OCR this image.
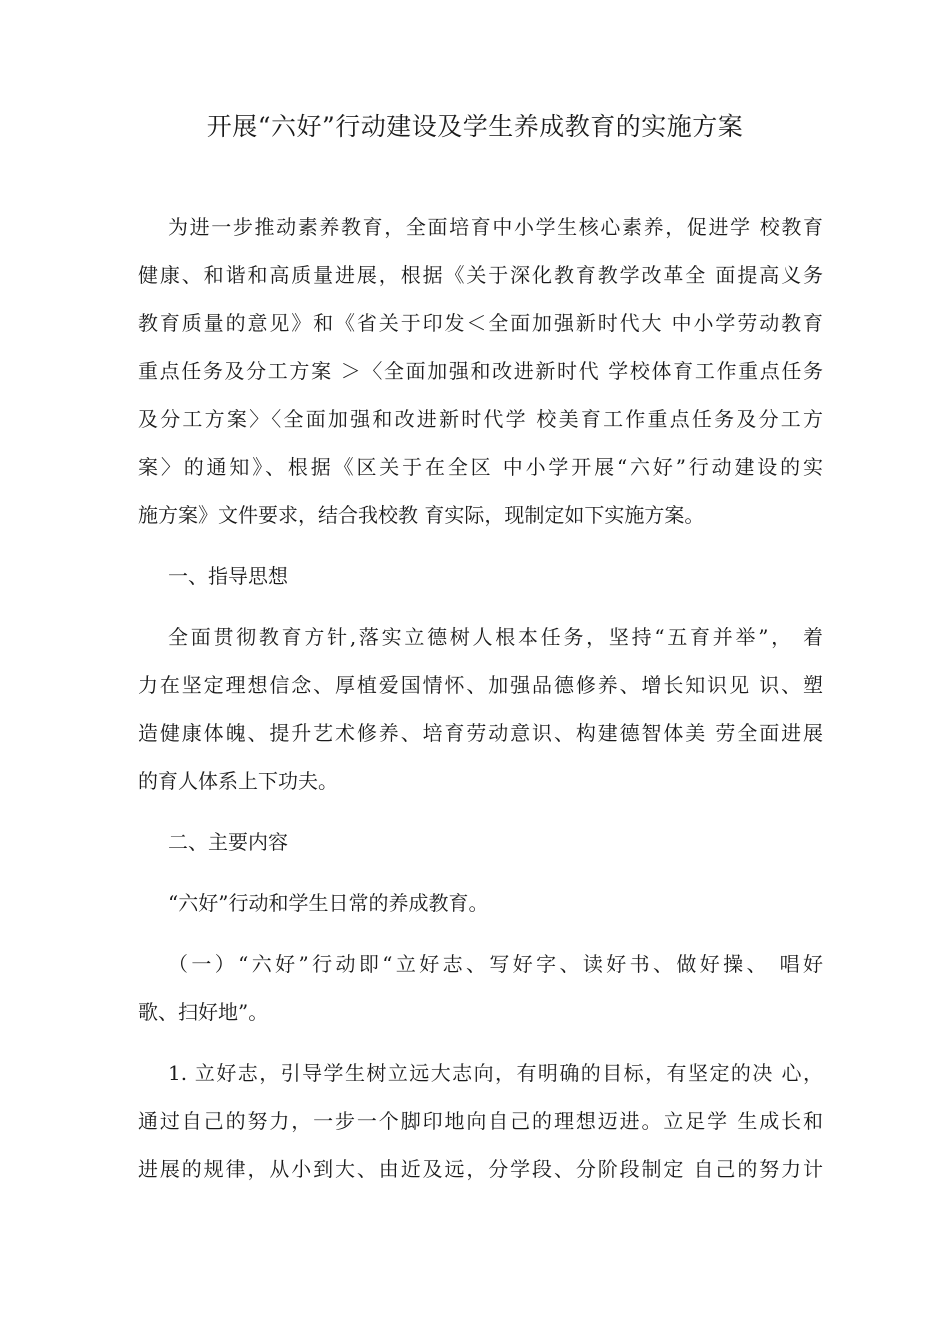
开展“六好”行动建设及学生养成教育的实施方案
为进一步推动素养教育，全面培育中小学生核心素养，促进学 校教育
健康、和谐和高质量进展，根据《关于深化教育教学改革全 面提高义务
教育质量的意见》和《省关于印发＜全面加强新时代大 中小学劳动教育
重点任务及分工方案 ＞〈全面加强和改进新时代 学校体育工作重点任务
及分工方案〉〈全面加强和改进新时代学 校美育工作重点任务及分工方
案〉的通知》、根据《区关于在全区 中小学开展“六好”行动建设的实
施方案》文件要求，结合我校教 育实际，现制定如下实施方案。
一、指导思想
全面贯彻教育方针,落实立德树人根本任务，坚持“五育并举”， 着
力在坚定理想信念、厚植爱国情怀、加强品德修养、增长知识见 识、塑
造健康体魄、提升艺术修养、培育劳动意识、构建德智体美 劳全面进展
的育人体系上下功夫。
二、主要内容
“六好”行动和学生日常的养成教育。
（一）“六好”行动即“立好志、写好字、读好书、做好操、 唱好
歌、扫好地”。
1. 立好志，引导学生树立远大志向，有明确的目标，有坚定的决 心，
通过自己的努力，一步一个脚印地向自己的理想迈进。立足学 生成长和
进展的规律，从小到大、由近及远，分学段、分阶段制定 自己的努力计
